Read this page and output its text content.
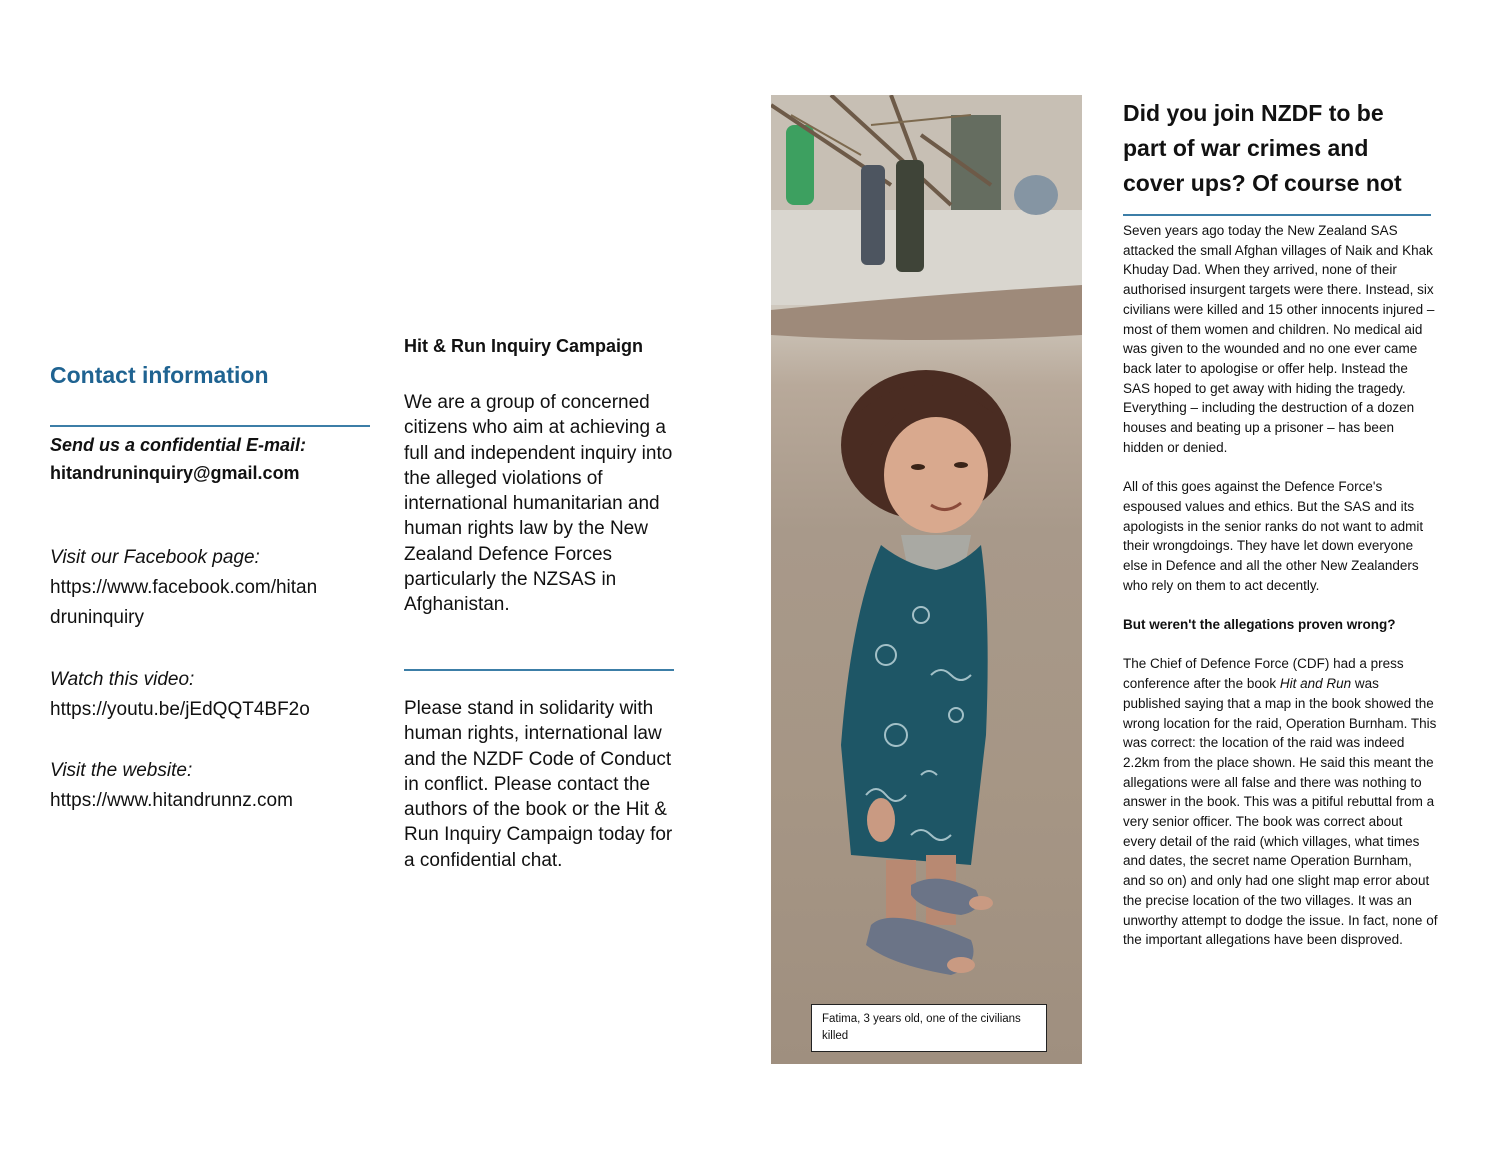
Contact information
Send us a confidential E-mail:
hitandruninquiry@gmail.com
Visit our Facebook page:
https://www.facebook.com/hitan
druninquiry
Watch this video:
https://youtu.be/jEdQQT4BF2o
Visit the website:
https://www.hitandrunnz.com
Hit & Run Inquiry Campaign
We are a group of concerned citizens who aim at achieving a full and independent inquiry into the alleged violations of international humanitarian and human rights law by the New Zealand Defence Forces particularly the NZSAS in Afghanistan.
Please stand in solidarity with human rights, international law and the NZDF Code of Conduct in conflict. Please contact the authors of the book or the Hit & Run Inquiry Campaign today for a confidential chat.
Fatima, 3 years old, one of the civilians killed
Did you join NZDF to be part of war crimes and cover ups? Of course not

Seven years ago today the New Zealand SAS attacked the small Afghan villages of Naik and Khak Khuday Dad. When they arrived, none of their authorised insurgent targets were there. Instead, six civilians were killed and 15 other innocents injured – most of them women and children. No medical aid was given to the wounded and no one ever came back later to apologise or offer help. Instead the SAS hoped to get away with hiding the tragedy. Everything – including the destruction of a dozen houses and beating up a prisoner – has been hidden or denied.

All of this goes against the Defence Force's espoused values and ethics. But the SAS and its apologists in the senior ranks do not want to admit their wrongdoings. They have let down everyone else in Defence and all the other New Zealanders who rely on them to act decently.

But weren't the allegations proven wrong?

The Chief of Defence Force (CDF) had a press conference after the book Hit and Run was published saying that a map in the book showed the wrong location for the raid, Operation Burnham. This was correct: the location of the raid was indeed 2.2km from the place shown. He said this meant the allegations were all false and there was nothing to answer in the book. This was a pitiful rebuttal from a very senior officer. The book was correct about every detail of the raid (which villages, what times and dates, the secret name Operation Burnham, and so on) and only had one slight map error about the precise location of the two villages. It was an unworthy attempt to dodge the issue. In fact, none of the important allegations have been disproved.
